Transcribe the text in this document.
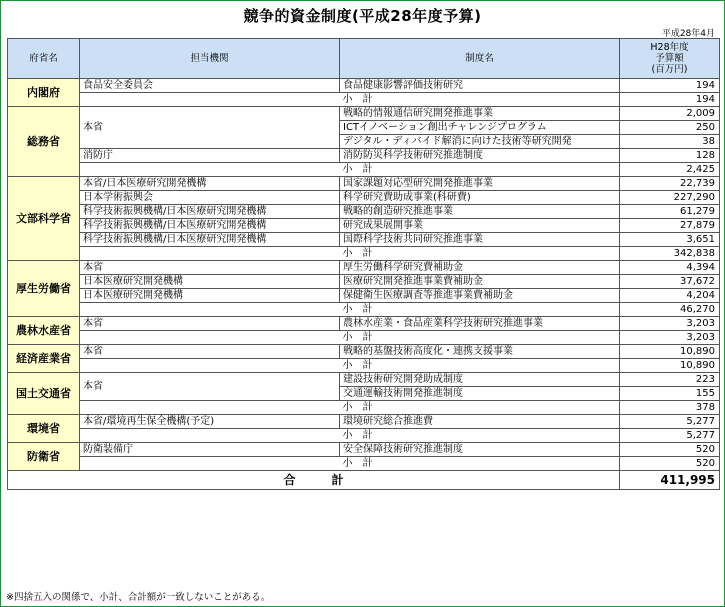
競争的資金制度(平成28年度予算)
平成28年4月
府省名	担当機関	制度名	H28年度
予算額
(百万円)
内閣府	食品安全委員会	食品健康影響評価技術研究	194
		小　計	194
総務省	本省	戦略的情報通信研究開発推進事業	2,009
		ICTイノベーション創出チャレンジプログラム	250
		デジタル・ディバイド解消に向けた技術等研究開発	38
	消防庁	消防防災科学技術研究推進制度	128
		小　計	2,425
文部科学省	本省/日本医療研究開発機構	国家課題対応型研究開発推進事業	22,739
	日本学術振興会	科学研究費助成事業(科研費)	227,290
	科学技術振興機構/日本医療研究開発機構	戦略的創造研究推進事業	61,279
	科学技術振興機構/日本医療研究開発機構	研究成果展開事業	27,879
	科学技術振興機構/日本医療研究開発機構	国際科学技術共同研究推進事業	3,651
		小　計	342,838
厚生労働省	本省	厚生労働科学研究費補助金	4,394
	日本医療研究開発機構	医療研究開発推進事業費補助金	37,672
	日本医療研究開発機構	保健衛生医療調査等推進事業費補助金	4,204
		小　計	46,270
農林水産省	本省	農林水産業・食品産業科学技術研究推進事業	3,203
		小　計	3,203
経済産業省	本省	戦略的基盤技術高度化・連携支援事業	10,890
		小　計	10,890
国土交通省	本省	建設技術研究開発助成制度	223
		交通運輸技術開発推進制度	155
		小　計	378
環境省	本省/環境再生保全機構(予定)	環境研究総合推進費	5,277
		小　計	5,277
防衛省	防衛装備庁	安全保障技術研究推進制度	520
		小　計	520
合　　　計			411,995
※四捨五入の関係で、小計、合計額が一致しないことがある。
